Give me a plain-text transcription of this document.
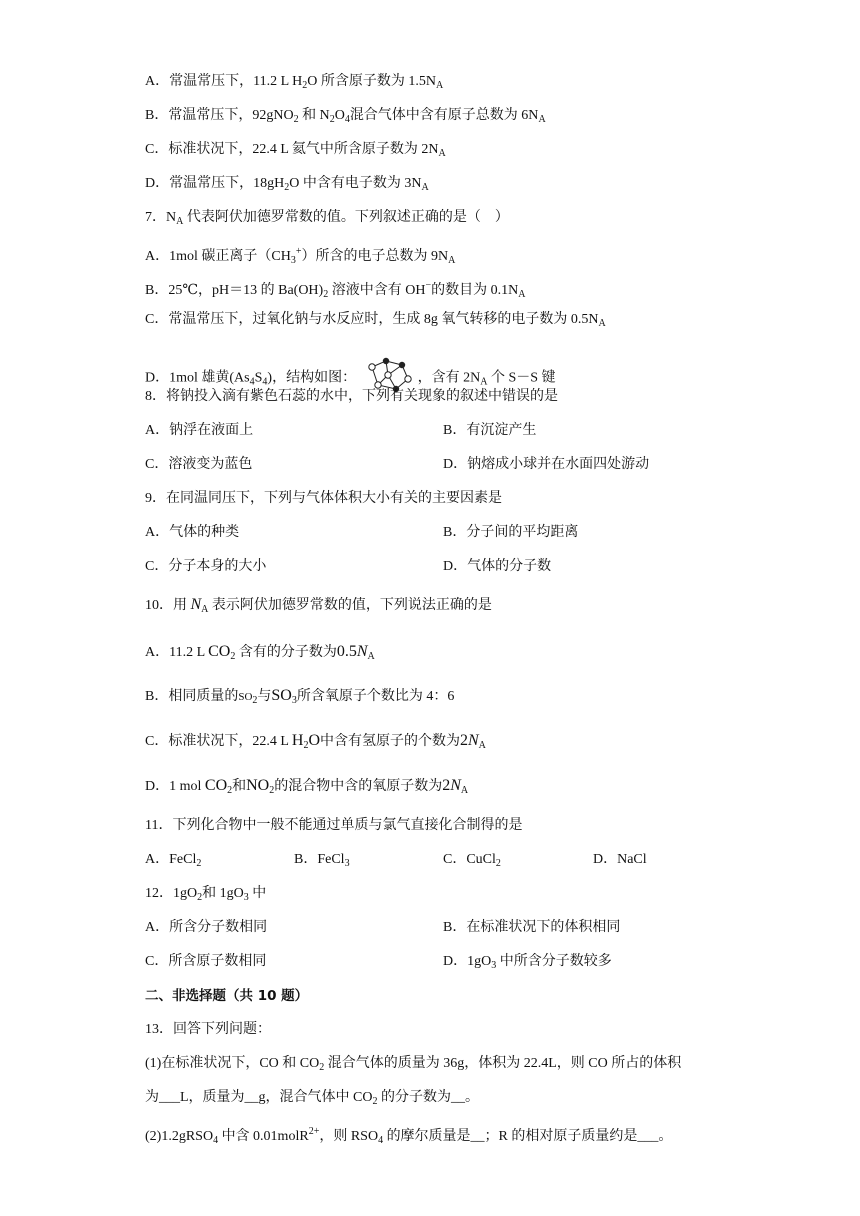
A．常温常压下，11.2 L $H_2O$ 所含原子数为 $1.5N_A$
B．常温常压下，92gNO$_2$ 和 $N_2O_4$混合气体中含有原子总数为 $6N_A$
C．标准状况下，22.4 L 氦气中所含原子数为 $2N_A$
D．常温常压下，$18gH_2O$ 中含有电子数为 $3N_A$
7．$N_A$ 代表阿伏加德罗常数的值。下列叙述正确的是（　）
A．1mol 碳正离子$(CH_3^+)$所含的电子总数为 $9N_A$
B．25℃，pH＝13 的 $Ba(OH)_2$ 溶液中含有 OH−的数目为 $0.1N_A$
C．常温常压下，过氧化钠与水反应时，生成 8g 氧气转移的电子数为 $0.5N_A$
D．1mol 雄黄$(As_4S_4)$，结构如图：	，含有 $2N_A$ 个 S－S 键
8．将钠投入滴有紫色石蕊的水中，下列有关现象的叙述中错误的是
A．钠浮在液面上	B．有沉淀产生
C．溶液变为蓝色	D．钠熔成小球并在水面四处游动
9．在同温同压下，下列与气体体积大小有关的主要因素是
A．气体的种类	B．分子间的平均距离
C．分子本身的大小	D．气体的分子数
10．用 $N_A$ 表示阿伏加德罗常数的值，下列说法正确的是
A．11.2 L $CO_2$ 含有的分子数为$0.5N_A$
B．相同质量的$SO_2$与$SO_3$所含氧原子个数比为 4：6
C．标准状况下，22.4 L $H_2O$中含有氢原子的个数为$2N_A$
D．1 mol $CO_2$和$NO_2$的混合物中含的氧原子数为$2N_A$
11．下列化合物中一般不能通过单质与氯气直接化合制得的是
A．FeCl$_2$	B．FeCl$_3$	C．CuCl$_2$	D．NaCl
12．$1gO_2$和 $1gO_3$ 中
A．所含分子数相同	B．在标准状况下的体积相同
C．所含原子数相同	D．$1gO_3$ 中所含分子数较多
二、非选择题（共 10 题）
13．回答下列问题：
(1)在标准状况下，CO 和 $CO_2$ 混合气体的质量为 36g，体积为 22.4L，则 CO 所占的体积
为___L，质量为__g，混合气体中 $CO_2$ 的分子数为__。
(2)1.2gRSO$_4$ 中含 0.01molR$^{2+}$，则 $RSO_4$ 的摩尔质量是__；R 的相对原子质量约是___。
